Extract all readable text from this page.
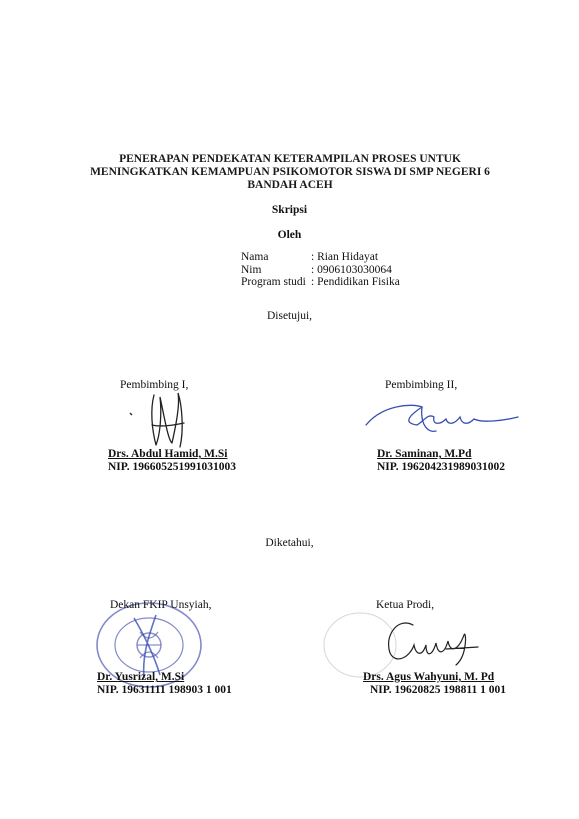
PENERAPAN PENDEKATAN KETERAMPILAN PROSES UNTUK
MENINGKATKAN KEMAMPUAN PSIKOMOTOR SISWA DI SMP NEGERI 6
BANDAH ACEH
Skripsi
Oleh
Nama	: Rian Hidayat
Nim	: 0906103030064
Program studi : Pendidikan Fisika
Disetujui,
Pembimbing I,
Drs. Abdul Hamid, M.Si
NIP. 196605251991031003
Pembimbing II,
Dr. Saminan, M.Pd
NIP. 196204231989031002
Diketahui,
Dekan FKIP Unsyiah,
Dr. Yusrizal, M.Si
NIP. 19631111 198903 1 001
Ketua Prodi,
Drs. Agus Wahyuni, M. Pd
NIP. 19620825 198811 1 001
